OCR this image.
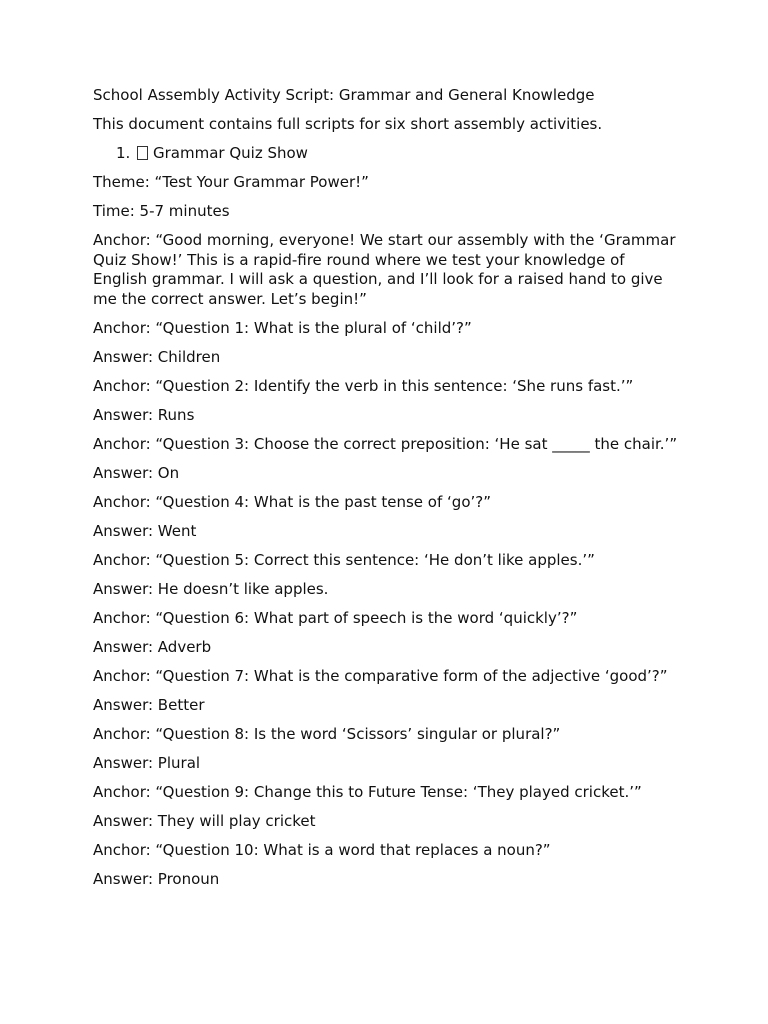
School Assembly Activity Script: Grammar and General Knowledge

This document contains full scripts for six short assembly activities.

1.	Grammar Quiz Show

Theme: “Test Your Grammar Power!”

Time: 5-7 minutes

Anchor: “Good morning, everyone! We start our assembly with the ‘Grammar Quiz Show!’ This is a rapid-fire round where we test your knowledge of English grammar. I will ask a question, and I’ll look for a raised hand to give me the correct answer. Let’s begin!”

Anchor: “Question 1: What is the plural of ‘child’?”

Answer: Children

Anchor: “Question 2: Identify the verb in this sentence: ‘She runs fast.’”

Answer: Runs

Anchor: “Question 3: Choose the correct preposition: ‘He sat _____ the chair.’”

Answer: On

Anchor: “Question 4: What is the past tense of ‘go’?”

Answer: Went

Anchor: “Question 5: Correct this sentence: ‘He don’t like apples.’”

Answer: He doesn’t like apples.

Anchor: “Question 6: What part of speech is the word ‘quickly’?”

Answer: Adverb

Anchor: “Question 7: What is the comparative form of the adjective ‘good’?”

Answer: Better

Anchor: “Question 8: Is the word ‘Scissors’ singular or plural?”

Answer: Plural

Anchor: “Question 9: Change this to Future Tense: ‘They played cricket.’”

Answer: They will play cricket

Anchor: “Question 10: What is a word that replaces a noun?”

Answer: Pronoun
